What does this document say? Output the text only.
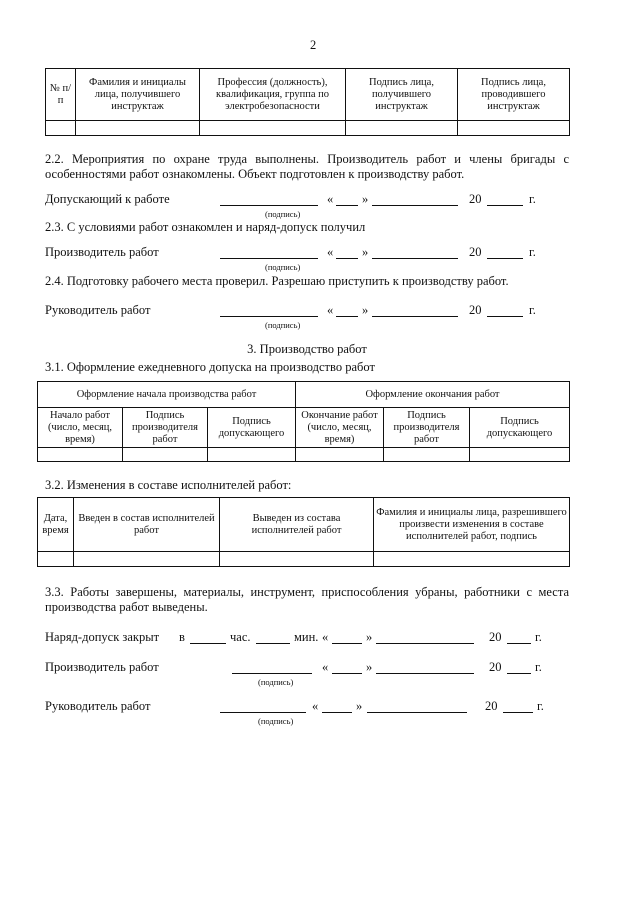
2
№ п/п	Фамилия и инициалы лица, получившего инструктаж	Профессия (должность), квалификация, группа по электробезопасности	Подпись лица, получившего инструктаж	Подпись лица, проводившего инструктаж

2.2. Мероприятия по охране труда выполнены. Производитель работ и члены бригады с особенностями работ ознакомлены. Объект подготовлен к производству работ.
Допускающий к работе
(подпись)
« »	20	г.
2.3. С условиями работ ознакомлен и наряд-допуск получил
Производитель работ
(подпись)
« »	20	г.
2.4. Подготовку рабочего места проверил. Разрешаю приступить к производству работ.
Руководитель работ
(подпись)
« »	20	г.
3. Производство работ
3.1. Оформление ежедневного допуска на производство работ
Оформление начала производства работ			Оформление окончания работ		
Начало работ (число, месяц, время)	Подпись производителя работ	Подпись допускающего	Окончание работ (число, месяц, время)	Подпись производителя работ	Подпись допускающего

3.2. Изменения в составе исполнителей работ:
Дата, время	Введен в состав исполнителей работ	Выведен из состава исполнителей работ	Фамилия и инициалы лица, разрешившего произвести изменения в составе исполнителей работ, подпись

3.3. Работы завершены, материалы, инструмент, приспособления убраны, работники с места производства работ выведены.
Наряд-допуск закрыт в	час.	мин. «	»	20	г.
Производитель работ
(подпись)
«	»	20	г.
Руководитель работ
(подпись)
«	»	20	г.
